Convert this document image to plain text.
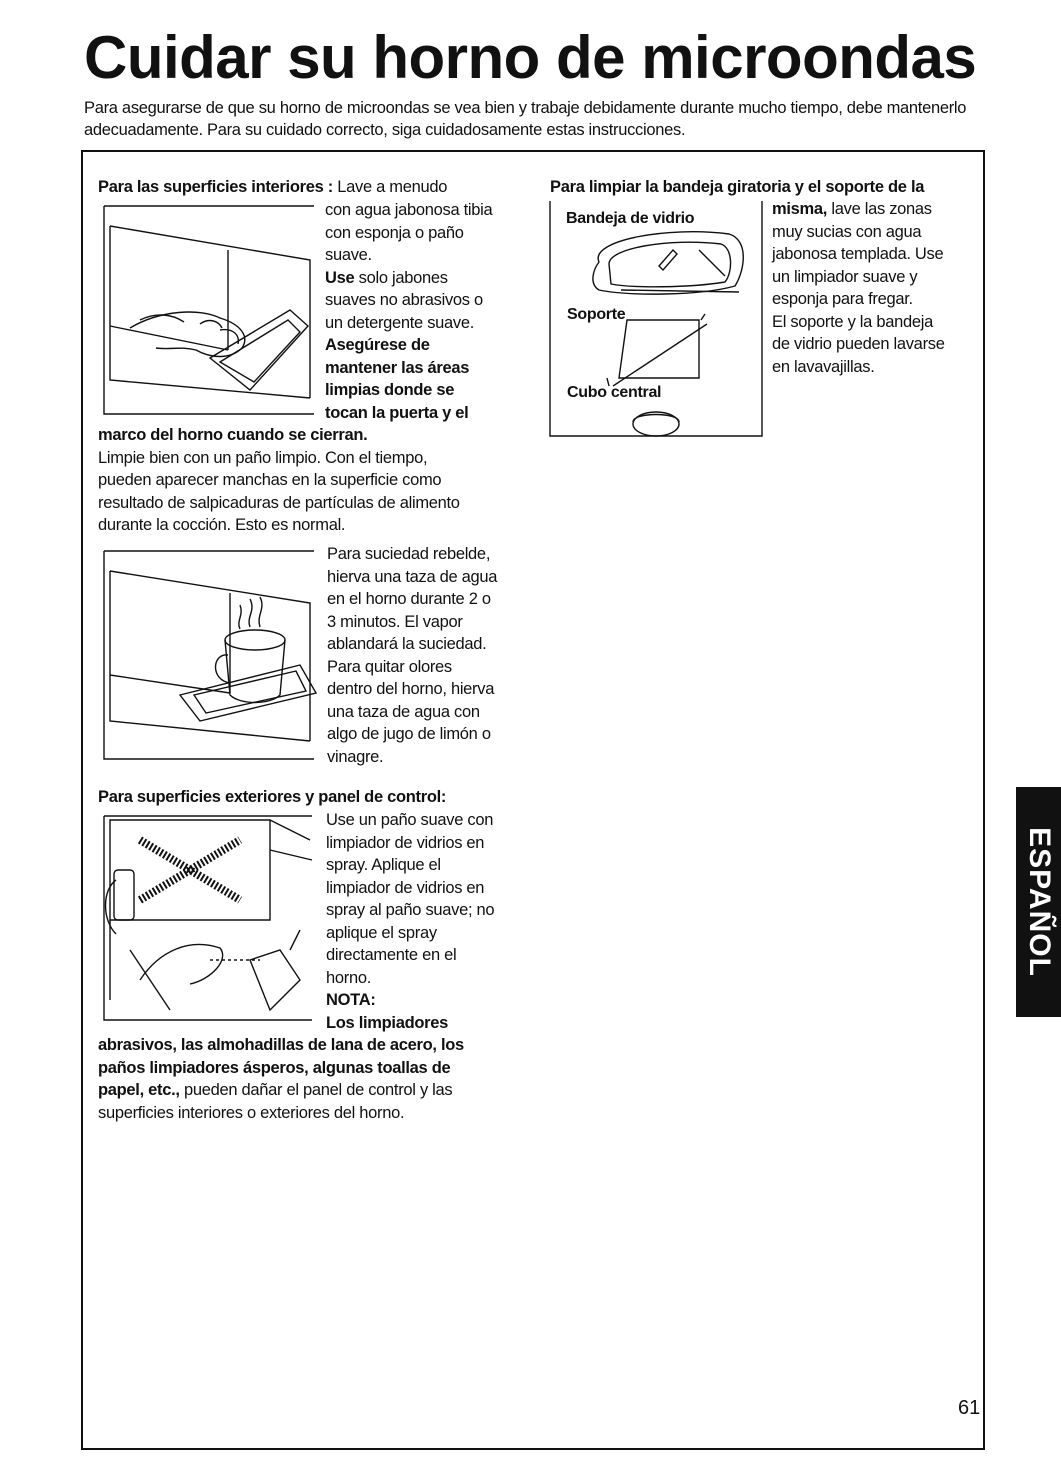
Cuidar su horno de microondas

Para asegurarse de que su horno de microondas se vea bien y trabaje debidamente durante mucho tiempo, debe mantenerlo adecuadamente. Para su cuidado correcto, siga cuidadosamente estas instrucciones.

Para las superficies interiores : Lave a menudo

con agua jabonosa tibia

con esponja o paño

suave.

Use solo jabones

suaves no abrasivos o

un detergente suave.

Asegúrese de

mantener las áreas

limpias donde se

tocan la puerta y el

marco del horno cuando se cierran.

Limpie bien con un paño limpio. Con el tiempo,

pueden aparecer manchas en la superficie como

resultado de salpicaduras de partículas de alimento

durante la cocción. Esto es normal.

Para suciedad rebelde,

hierva una taza de agua

en el horno durante 2 o

3 minutos. El vapor

ablandará la suciedad.

Para quitar olores

dentro del horno, hierva

una taza de agua con

algo de jugo de limón o

vinagre.

Para superficies exteriores y panel de control:

Use un paño suave con

limpiador de vidrios en

spray. Aplique el

limpiador de vidrios en

spray al paño suave; no

aplique el spray

directamente en el

horno.

NOTA:

Los limpiadores

abrasivos, las almohadillas de lana de acero, los

paños limpiadores ásperos, algunas toallas de

papel, etc., pueden dañar el panel de control y las

superficies interiores o exteriores del horno.

Para limpiar la bandeja giratoria y el soporte de la

Bandeja de vidrio
Soporte
Cubo central

misma, lave las zonas

muy sucias con agua

jabonosa templada. Use

un limpiador suave y

esponja para fregar.

El soporte y la bandeja

de vidrio pueden lavarse

en lavavajillas.

ESPAÑOL
61
